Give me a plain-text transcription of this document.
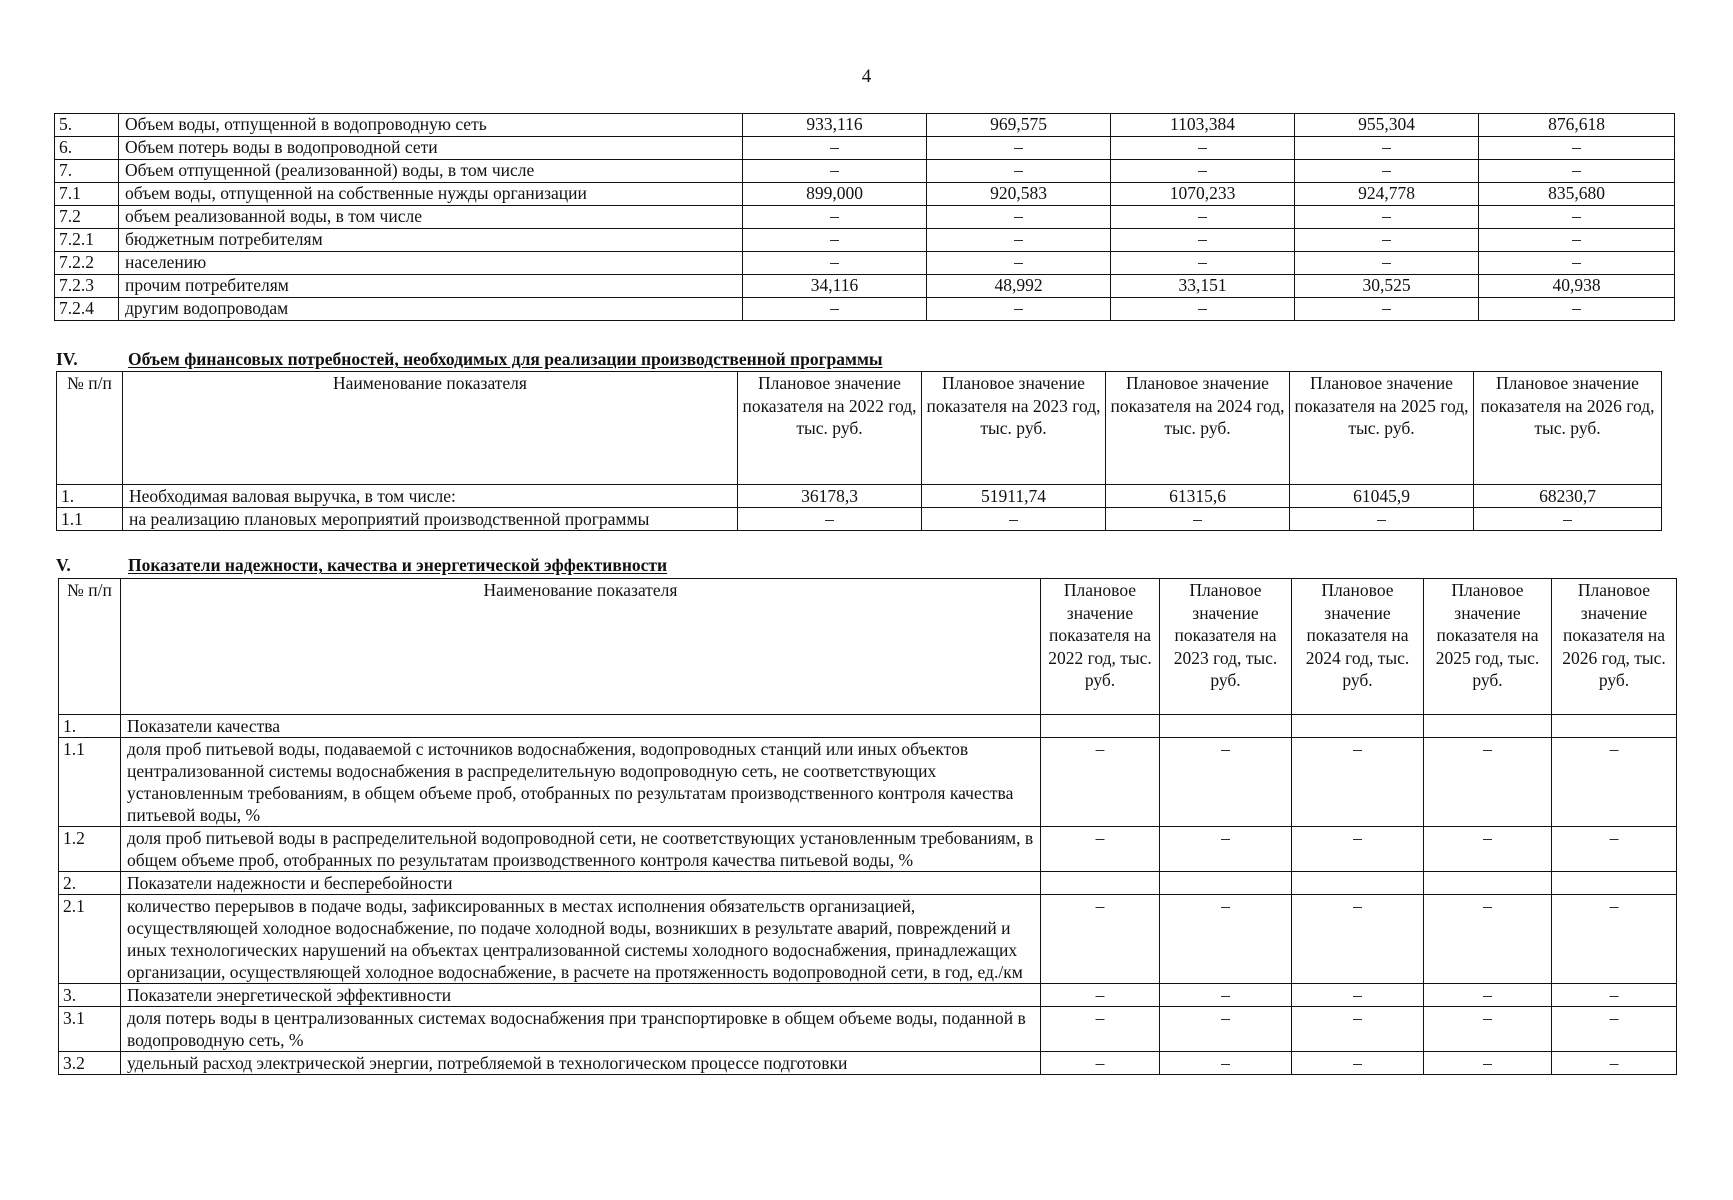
4
5.	Объем воды, отпущенной в водопроводную сеть	933,116	969,575	1103,384	955,304	876,618
6.	Объем потерь воды в водопроводной сети	–	–	–	–	–
7.	Объем отпущенной (реализованной) воды, в том числе	–	–	–	–	–
7.1	объем воды, отпущенной на собственные нужды организации	899,000	920,583	1070,233	924,778	835,680
7.2	объем реализованной воды, в том числе	–	–	–	–	–
7.2.1	бюджетным потребителям	–	–	–	–	–
7.2.2	населению	–	–	–	–	–
7.2.3	прочим потребителям	34,116	48,992	33,151	30,525	40,938
7.2.4	другим водопроводам	–	–	–	–	–
IV.	Объем финансовых потребностей, необходимых для реализации производственной программы
№ п/п	Наименование показателя	Плановое значение показателя на 2022 год, тыс. руб.	Плановое значение показателя на 2023 год, тыс. руб.	Плановое значение показателя на 2024 год, тыс. руб.	Плановое значение показателя на 2025 год, тыс. руб.	Плановое значение показателя на 2026 год, тыс. руб.
1.	Необходимая валовая выручка, в том числе:	36178,3	51911,74	61315,6	61045,9	68230,7
1.1	на реализацию плановых мероприятий производственной программы	–	–	–	–	–
V.	Показатели надежности, качества и энергетической эффективности
№ п/п	Наименование показателя	Плановое значение показателя на 2022 год, тыс. руб.	Плановое значение показателя на 2023 год, тыс. руб.	Плановое значение показателя на 2024 год, тыс. руб.	Плановое значение показателя на 2025 год, тыс. руб.	Плановое значение показателя на 2026 год, тыс. руб.
1.	Показатели качества					
1.1	доля проб питьевой воды, подаваемой с источников водоснабжения, водопроводных станций или иных объектов централизованной системы водоснабжения в распределительную водопроводную сеть, не соответствующих установленным требованиям, в общем объеме проб, отобранных по результатам производственного контроля качества питьевой воды, %	–	–	–	–	–
1.2	доля проб питьевой воды в распределительной водопроводной сети, не соответствующих установленным требованиям, в общем объеме проб, отобранных по результатам производственного контроля качества питьевой воды, %	–	–	–	–	–
2.	Показатели надежности и бесперебойности					
2.1	количество перерывов в подаче воды, зафиксированных в местах исполнения обязательств организацией, осуществляющей холодное водоснабжение, по подаче холодной воды, возникших в результате аварий, повреждений и иных технологических нарушений на объектах централизованной системы холодного водоснабжения, принадлежащих организации, осуществляющей холодное водоснабжение, в расчете на протяженность водопроводной сети, в год, ед./км	–	–	–	–	–
3.	Показатели энергетической эффективности	–	–	–	–	–
3.1	доля потерь воды в централизованных системах водоснабжения при транспортировке в общем объеме воды, поданной в водопроводную сеть, %	–	–	–	–	–
3.2	удельный расход электрической энергии, потребляемой в технологическом процессе подготовки	–	–	–	–	–
